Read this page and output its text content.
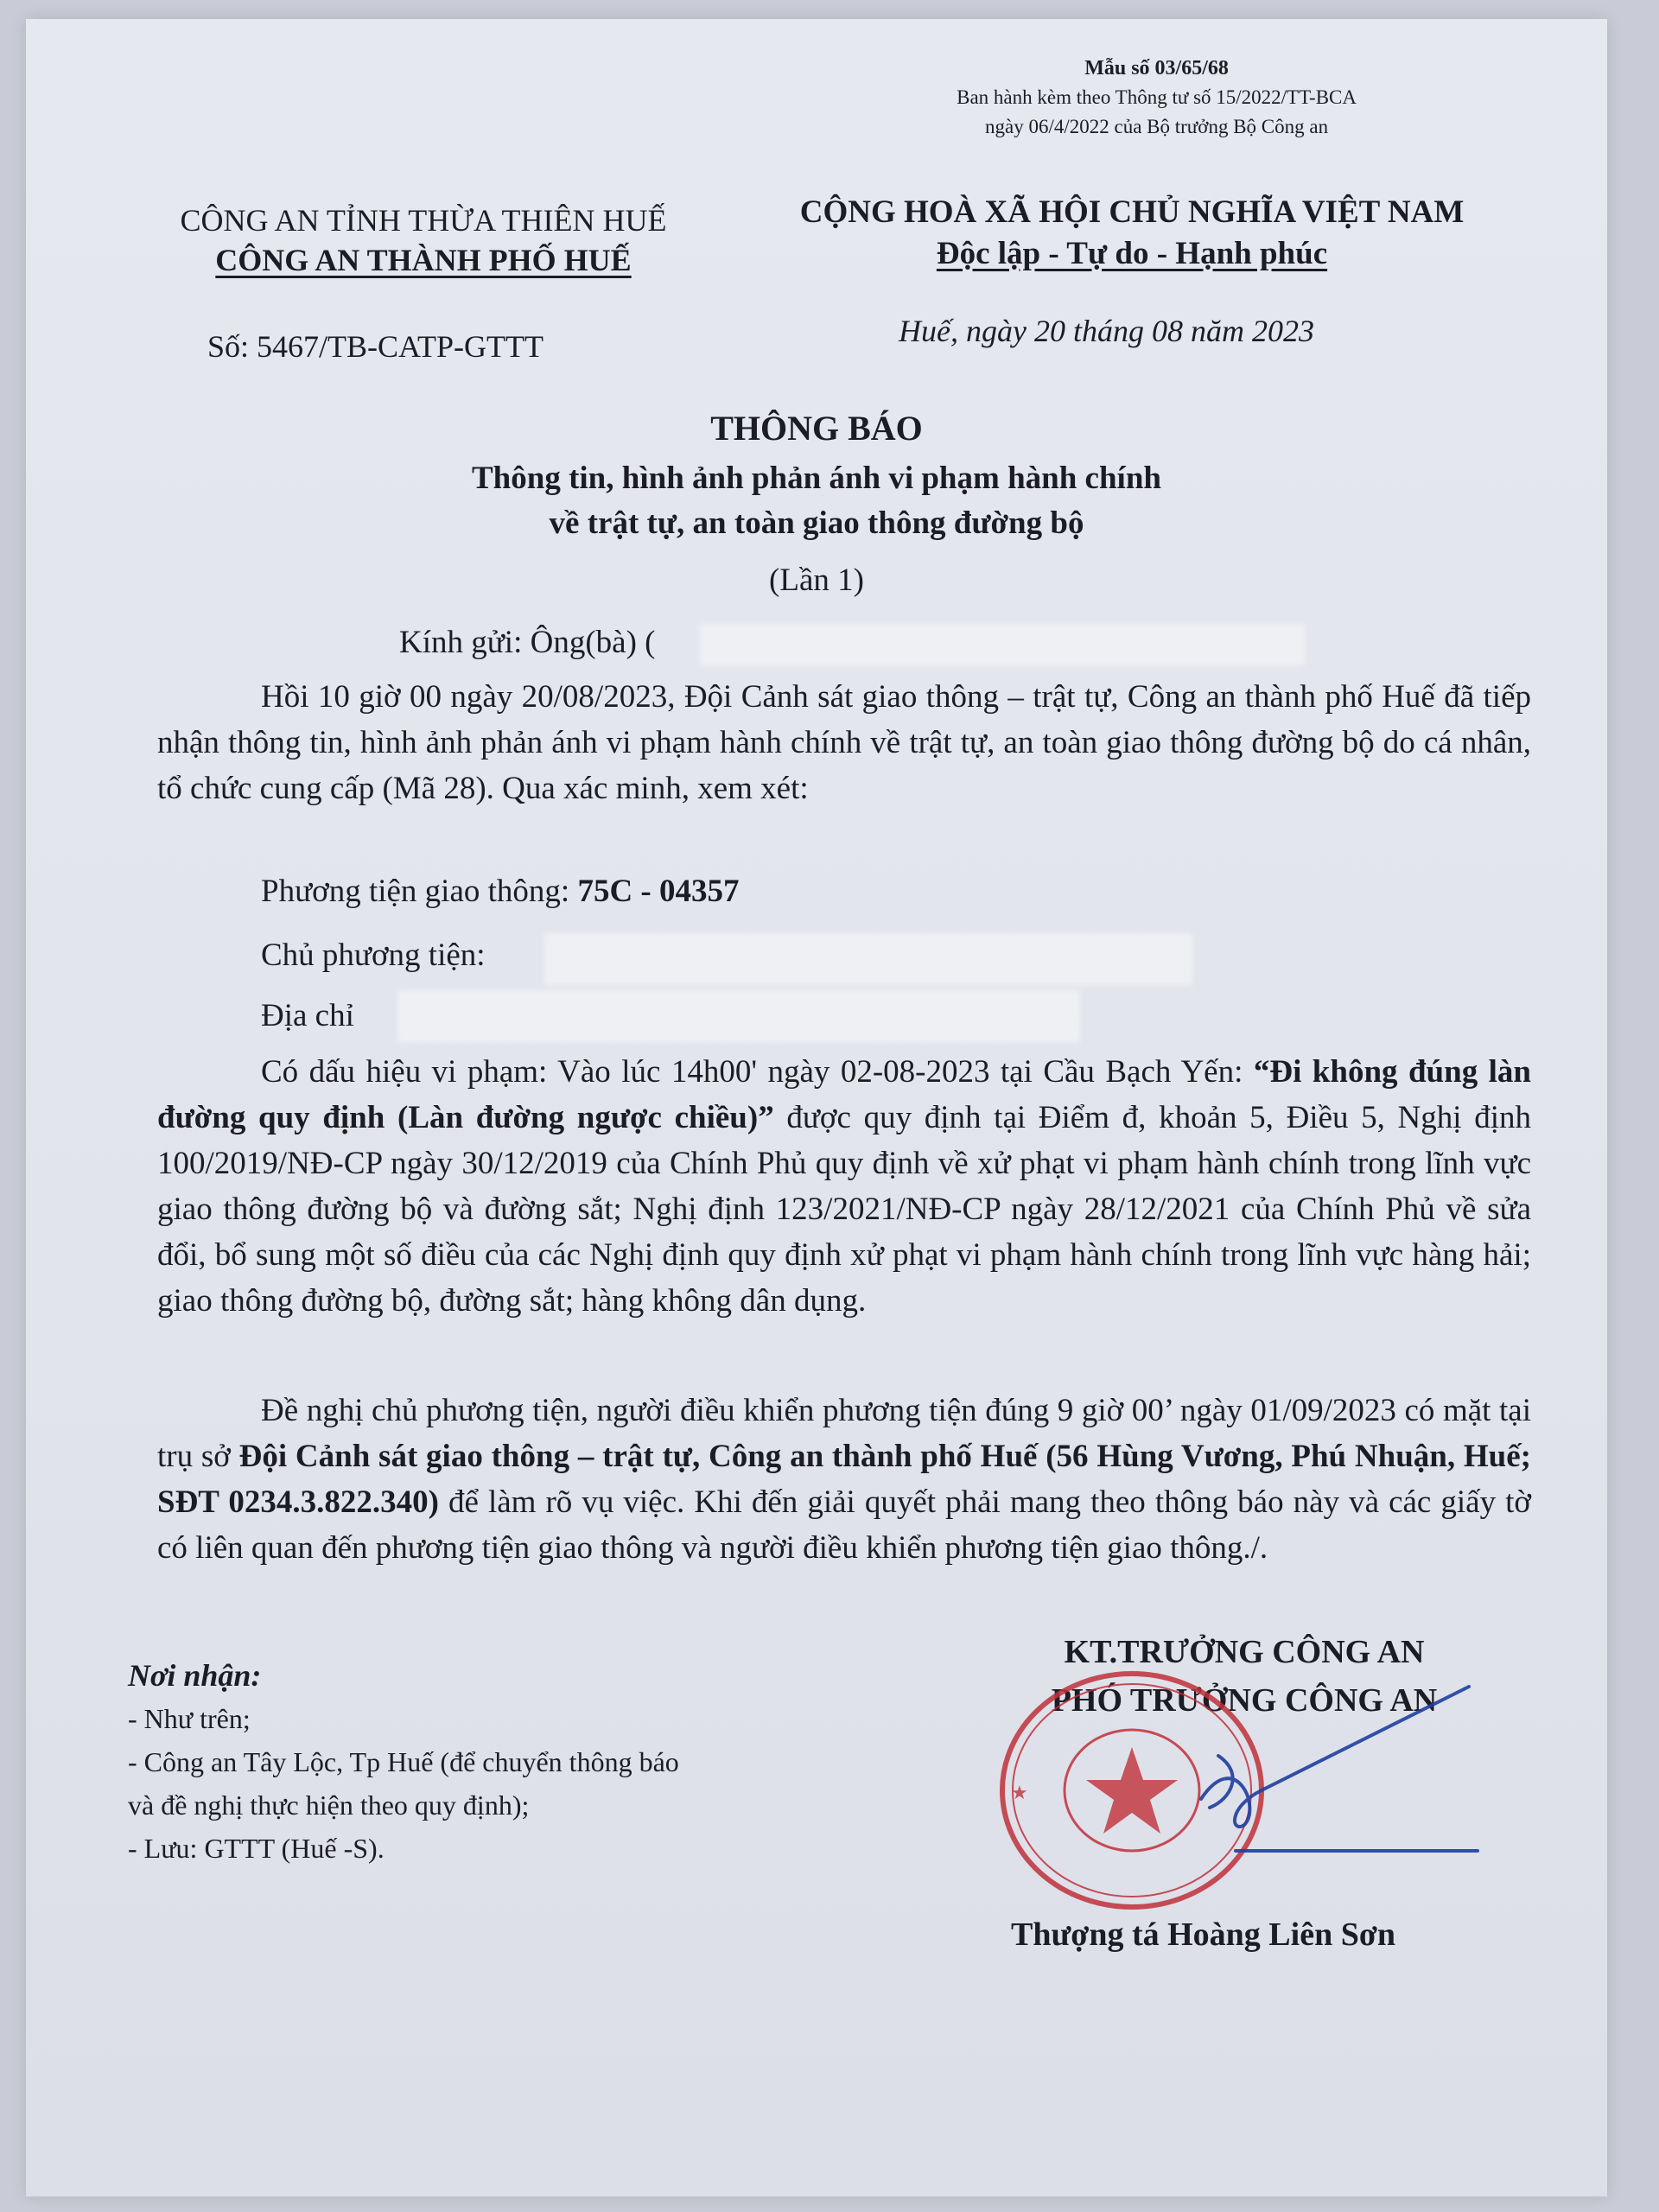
Mẫu số 03/65/68
Ban hành kèm theo Thông tư số 15/2022/TT-BCA
ngày 06/4/2022 của Bộ trưởng Bộ Công an
CÔNG AN TỈNH THỪA THIÊN HUẾ
CÔNG AN THÀNH PHỐ HUẾ
CỘNG HOÀ XÃ HỘI CHỦ NGHĨA VIỆT NAM
Độc lập - Tự do - Hạnh phúc
Số: 5467/TB-CATP-GTTT	Huế, ngày 20 tháng 08 năm 2023
THÔNG BÁO
Thông tin, hình ảnh phản ánh vi phạm hành chính
về trật tự, an toàn giao thông đường bộ
(Lần 1)
Kính gửi: Ông(bà) (
Hồi 10 giờ 00 ngày 20/08/2023, Đội Cảnh sát giao thông – trật tự, Công an thành phố Huế đã tiếp nhận thông tin, hình ảnh phản ánh vi phạm hành chính về trật tự, an toàn giao thông đường bộ do cá nhân, tổ chức cung cấp (Mã 28). Qua xác minh, xem xét:
Phương tiện giao thông: 75C - 04357
Chủ phương tiện:
Địa chỉ
Có dấu hiệu vi phạm: Vào lúc 14h00' ngày 02-08-2023 tại Cầu Bạch Yến: “Đi không đúng làn đường quy định (Làn đường ngược chiều)” được quy định tại Điểm đ, khoản 5, Điều 5, Nghị định 100/2019/NĐ-CP ngày 30/12/2019 của Chính Phủ quy định về xử phạt vi phạm hành chính trong lĩnh vực giao thông đường bộ và đường sắt; Nghị định 123/2021/NĐ-CP ngày 28/12/2021 của Chính Phủ về sửa đổi, bổ sung một số điều của các Nghị định quy định xử phạt vi phạm hành chính trong lĩnh vực hàng hải; giao thông đường bộ, đường sắt; hàng không dân dụng.
Đề nghị chủ phương tiện, người điều khiển phương tiện đúng 9 giờ 00’ ngày 01/09/2023 có mặt tại trụ sở Đội Cảnh sát giao thông – trật tự, Công an thành phố Huế (56 Hùng Vương, Phú Nhuận, Huế; SĐT 0234.3.822.340) để làm rõ vụ việc. Khi đến giải quyết phải mang theo thông báo này và các giấy tờ có liên quan đến phương tiện giao thông và người điều khiển phương tiện giao thông./.
Nơi nhận:
- Như trên;
- Công an Tây Lộc, Tp Huế (để chuyển thông báo
và đề nghị thực hiện theo quy định);
- Lưu: GTTT (Huế -S).
KT.TRƯỞNG CÔNG AN
PHÓ TRƯỞNG CÔNG AN
★
Thượng tá Hoàng Liên Sơn
